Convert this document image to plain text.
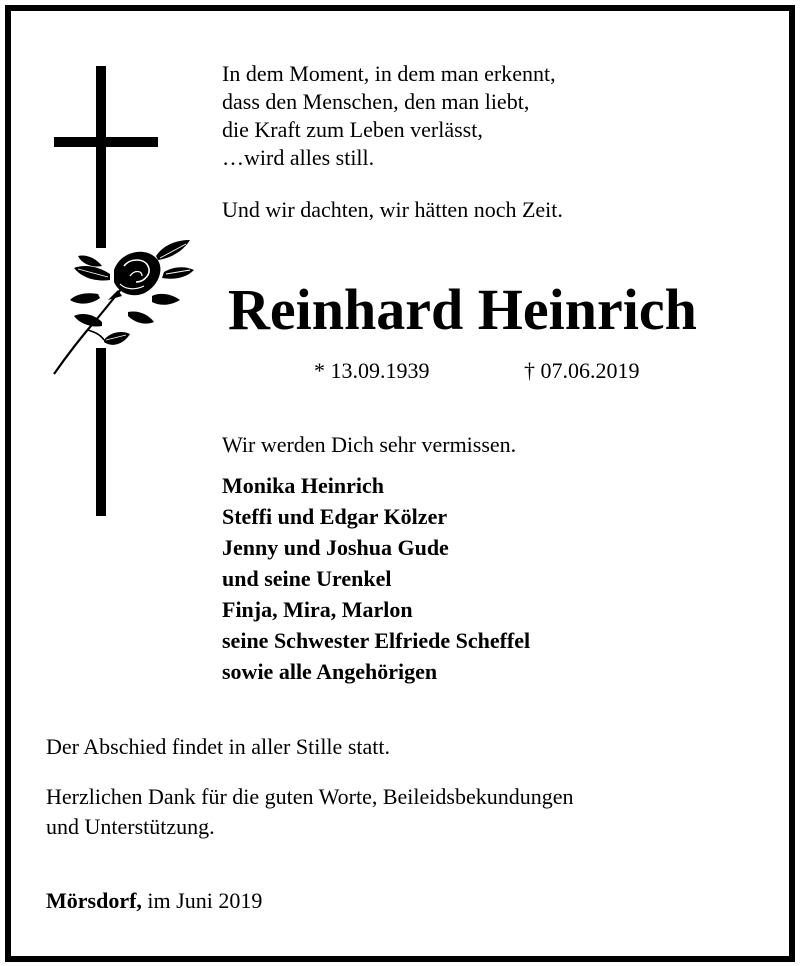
In dem Moment, in dem man erkennt,
dass den Menschen, den man liebt,
die Kraft zum Leben verlässt,
…wird alles still.
Und wir dachten, wir hätten noch Zeit.
Reinhard Heinrich
* 13.09.1939	† 07.06.2019
Wir werden Dich sehr vermissen.
Monika Heinrich
Steffi und Edgar Kölzer
Jenny und Joshua Gude
und seine Urenkel
Finja, Mira, Marlon
seine Schwester Elfriede Scheffel
sowie alle Angehörigen
Der Abschied findet in aller Stille statt.
Herzlichen Dank für die guten Worte, Beileidsbekundungen
und Unterstützung.
Mörsdorf, im Juni 2019
